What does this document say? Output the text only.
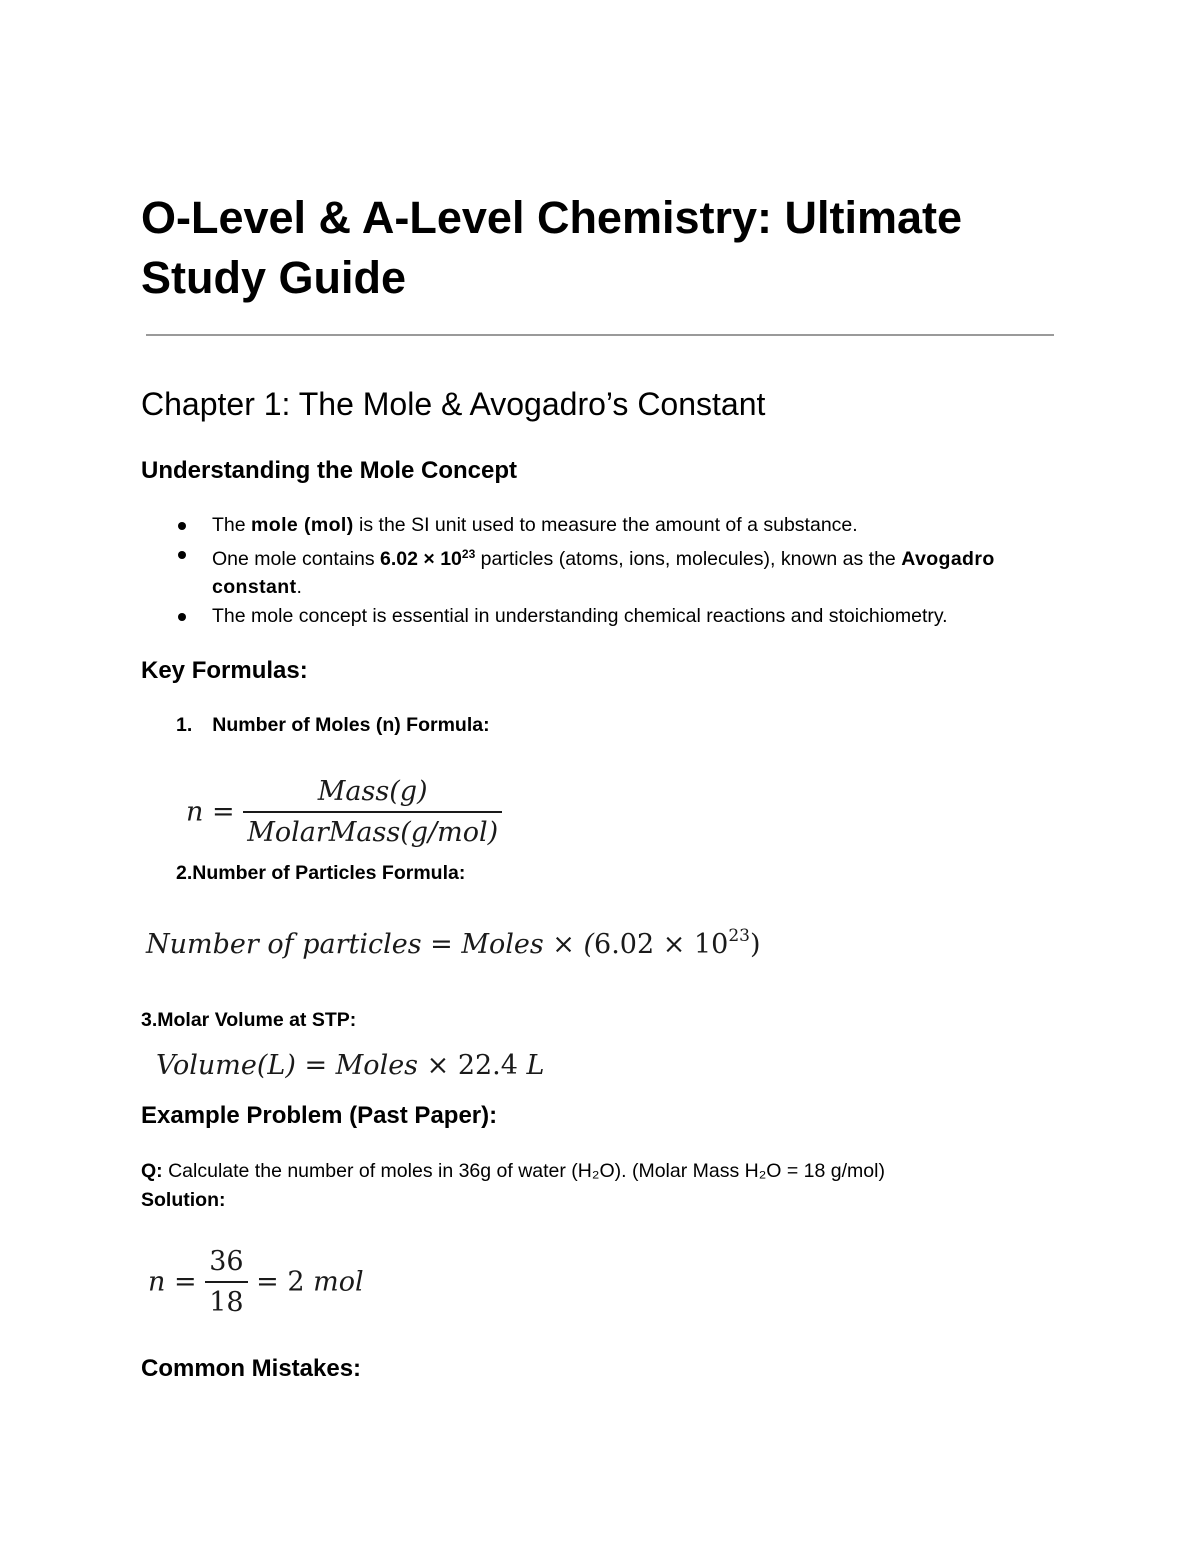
O-Level & A-Level Chemistry: Ultimate Study Guide
Chapter 1: The Mole & Avogadro’s Constant
Understanding the Mole Concept
The mole (mol) is the SI unit used to measure the amount of a substance.
One mole contains $6.02 \times 10^{23}$ particles (atoms, ions, molecules), known as the Avogadro constant.
The mole concept is essential in understanding chemical reactions and stoichiometry.
Key Formulas:
1. Number of Moles (n) Formula:
$n = \frac{\text{Mass(g)}}{\text{MolarMass(g/mol)}}$
2.Number of Particles Formula:
Number of particles = Moles × $(6.02 \times 10^{23})$
3.Molar Volume at STP:
Volume(L) = Moles × 22.4 L
Example Problem (Past Paper):
Q: Calculate the number of moles in 36g of water (H₂O). (Molar Mass H₂O = 18 g/mol)
Solution:
$n = \frac{36}{18} = 2$ mol
Common Mistakes:
